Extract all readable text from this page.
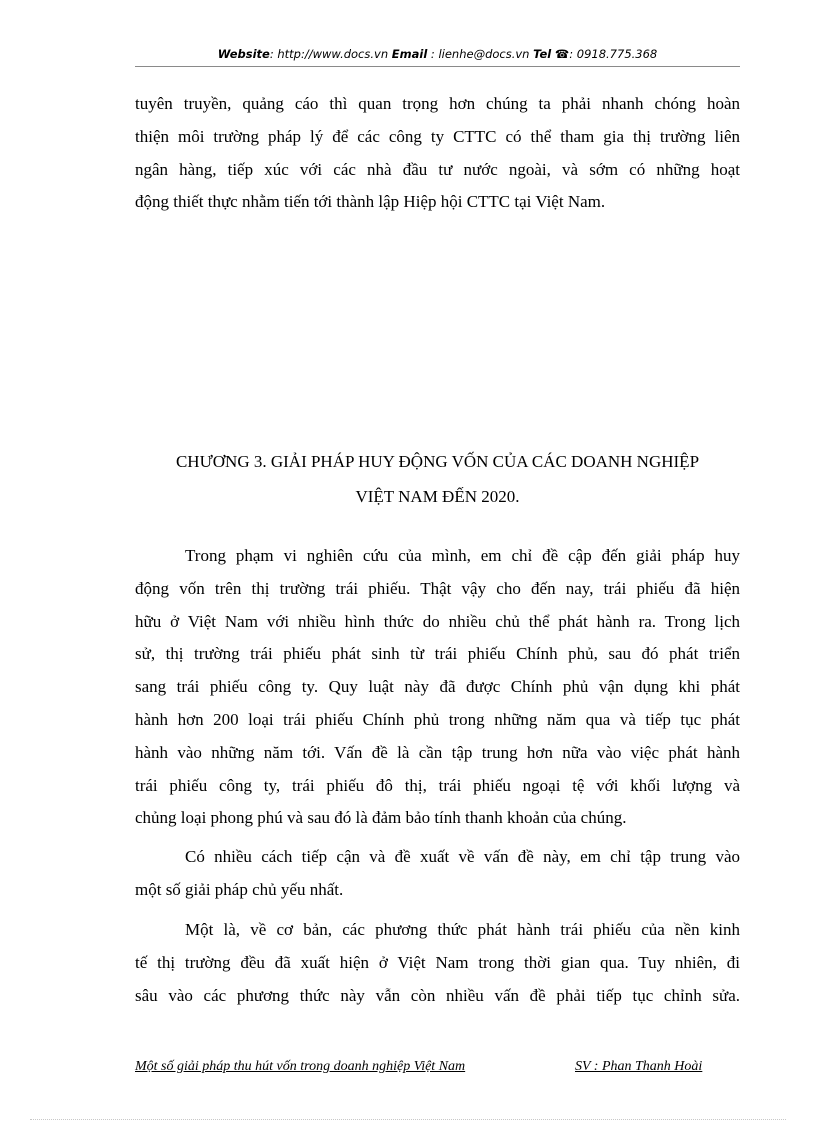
Website: http://www.docs.vn Email : lienhe@docs.vn Tel ☎: 0918.775.368
tuyên truyền, quảng cáo thì quan trọng hơn chúng ta phải nhanh chóng hoàn
thiện môi trường pháp lý để các công ty CTTC có thể tham gia thị trường liên
ngân hàng, tiếp xúc với các nhà đầu tư nước ngoài, và sớm có những hoạt
động thiết thực nhằm tiến tới thành lập Hiệp hội CTTC tại Việt Nam.
CHƯƠNG 3. GIẢI PHÁP HUY ĐỘNG VỐN CỦA CÁC DOANH NGHIỆP
VIỆT NAM ĐẾN 2020.
Trong phạm vi nghiên cứu của mình, em chỉ đề cập đến giải pháp huy
động vốn trên thị trường trái phiếu. Thật vậy cho đến nay, trái phiếu đã hiện
hữu ở Việt Nam với nhiều hình thức do nhiều chủ thể phát hành ra. Trong lịch
sử, thị trường trái phiếu phát sinh từ trái phiếu Chính phủ, sau đó phát triển
sang trái phiếu công ty. Quy luật này đã được Chính phủ vận dụng khi phát
hành hơn 200 loại trái phiếu Chính phủ trong những năm qua và tiếp tục phát
hành vào những năm tới. Vấn đề là cần tập trung hơn nữa vào việc phát hành
trái phiếu công ty, trái phiếu đô thị, trái phiếu ngoại tệ với khối lượng và
chủng loại phong phú và sau đó là đảm bảo tính thanh khoản của chúng.
Có nhiều cách tiếp cận và đề xuất về vấn đề này, em chỉ tập trung vào
một số giải pháp chủ yếu nhất.
Một là, về cơ bản, các phương thức phát hành trái phiếu của nền kinh
tế thị trường đều đã xuất hiện ở Việt Nam trong thời gian qua. Tuy nhiên, đi
sâu vào các phương thức này vẫn còn nhiều vấn đề phải tiếp tục chỉnh sửa.
Một số giải pháp thu hút vốn trong doanh nghiệp Việt Nam	SV : Phan Thanh Hoài
